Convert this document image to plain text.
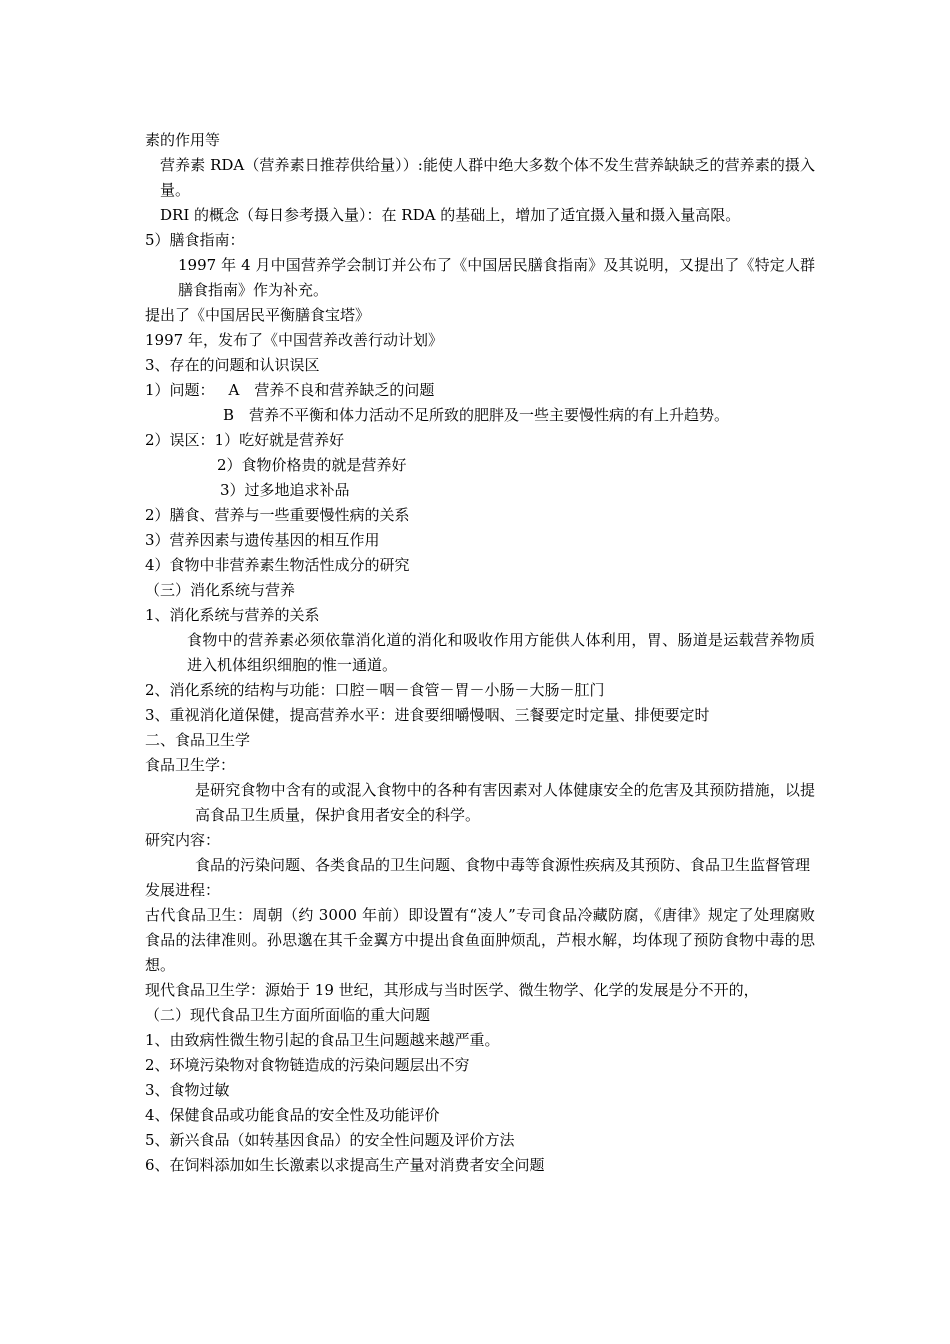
素的作用等
营养素 RDA（营养素日推荐供给量））:能使人群中绝大多数个体不发生营养缺缺乏的营养素的摄入量。
DRI 的概念（每日参考摄入量）：在 RDA 的基础上，增加了适宜摄入量和摄入量高限。
5）膳食指南：
1997 年 4 月中国营养学会制订并公布了《中国居民膳食指南》及其说明，又提出了《特定人群膳食指南》作为补充。
提出了《中国居民平衡膳食宝塔》
1997 年，发布了《中国营养改善行动计划》
3、存在的问题和认识误区
1）问题： A　营养不良和营养缺乏的问题
B　营养不平衡和体力活动不足所致的肥胖及一些主要慢性病的有上升趋势。
2）误区：1）吃好就是营养好
2）食物价格贵的就是营养好
3）过多地追求补品
2）膳食、营养与一些重要慢性病的关系
3）营养因素与遗传基因的相互作用
4）食物中非营养素生物活性成分的研究
（三）消化系统与营养
1、消化系统与营养的关系
食物中的营养素必须依靠消化道的消化和吸收作用方能供人体利用，胃、肠道是运载营养物质进入机体组织细胞的惟一通道。
2、消化系统的结构与功能：口腔－咽－食管－胃－小肠－大肠－肛门
3、重视消化道保健，提高营养水平：进食要细嚼慢咽、三餐要定时定量、排便要定时
二、食品卫生学
食品卫生学：
是研究食物中含有的或混入食物中的各种有害因素对人体健康安全的危害及其预防措施，以提高食品卫生质量，保护食用者安全的科学。
研究内容：
食品的污染问题、各类食品的卫生问题、食物中毒等食源性疾病及其预防、食品卫生监督管理
发展进程：
古代食品卫生：周朝（约 3000 年前）即设置有“凌人”专司食品冷藏防腐，《唐律》规定了处理腐败食品的法律准则。孙思邈在其千金翼方中提出食鱼面肿烦乱，芦根水解，均体现了预防食物中毒的思想。
现代食品卫生学：源始于 19 世纪，其形成与当时医学、微生物学、化学的发展是分不开的，
（二）现代食品卫生方面所面临的重大问题
1、由致病性微生物引起的食品卫生问题越来越严重。
2、环境污染物对食物链造成的污染问题层出不穷
3、食物过敏
4、保健食品或功能食品的安全性及功能评价
5、新兴食品（如转基因食品）的安全性问题及评价方法
6、在饲料添加如生长激素以求提高生产量对消费者安全问题
